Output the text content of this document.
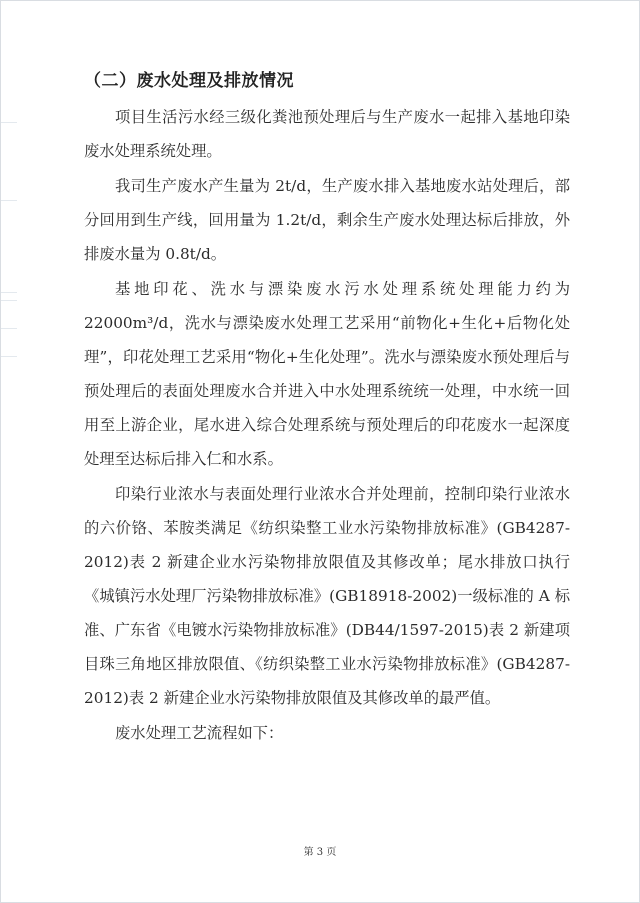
（二）废水处理及排放情况

项目生活污水经三级化粪池预处理后与生产废水一起排入基地印染废水处理系统处理。

我司生产废水产生量为 2t/d，生产废水排入基地废水站处理后，部分回用到生产线，回用量为 1.2t/d，剩余生产废水处理达标后排放，外排废水量为 0.8t/d。

基地印花、洗水与漂染废水污水处理系统处理能力约为 22000m³/d，洗水与漂染废水处理工艺采用“前物化+生化+后物化处理”，印花处理工艺采用“物化+生化处理”。洗水与漂染废水预处理后与预处理后的表面处理废水合并进入中水处理系统统一处理，中水统一回用至上游企业，尾水进入综合处理系统与预处理后的印花废水一起深度处理至达标后排入仁和水系。

印染行业浓水与表面处理行业浓水合并处理前，控制印染行业浓水的六价铬、苯胺类满足《纺织染整工业水污染物排放标准》(GB4287-2012)表 2 新建企业水污染物排放限值及其修改单；尾水排放口执行《城镇污水处理厂污染物排放标准》(GB18918-2002)一级标准的 A 标准、广东省《电镀水污染物排放标准》(DB44/1597-2015)表 2 新建项目珠三角地区排放限值、《纺织染整工业水污染物排放标准》(GB4287-2012)表 2 新建企业水污染物排放限值及其修改单的最严值。

废水处理工艺流程如下：

第 3 页
